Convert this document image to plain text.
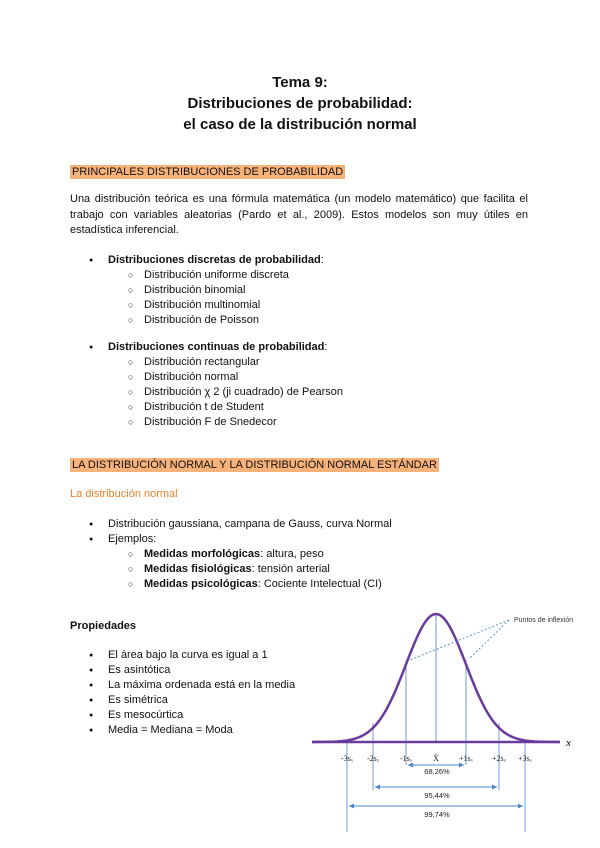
Tema 9:
Distribuciones de probabilidad:
el caso de la distribución normal
PRINCIPALES DISTRIBUCIONES DE PROBABILIDAD
Una distribución teórica es una fórmula matemática (un modelo matemático) que facilita el trabajo con variables aleatorias (Pardo et al., 2009). Estos modelos son muy útiles en estadística inferencial.
● Distribuciones discretas de probabilidad:
○ Distribución uniforme discreta
○ Distribución binomial
○ Distribución multinomial
○ Distribución de Poisson
● Distribuciones continuas de probabilidad:
○ Distribución rectangular
○ Distribución normal
○ Distribución χ 2 (ji cuadrado) de Pearson
○ Distribución t de Student
○ Distribución F de Snedecor
LA DISTRIBUCIÓN NORMAL Y LA DISTRIBUCIÓN NORMAL ESTÁNDAR
La distribución normal
● Distribución gaussiana, campana de Gauss, curva Normal
● Ejemplos:
○ Medidas morfológicas: altura, peso
○ Medidas fisiológicas: tensión arterial
○ Medidas psicológicas: Cociente Intelectual (CI)
Propiedades
● El área bajo la curva es igual a 1
● Es asintótica
● La máxima ordenada está en la media
● Es simétrica
● Es mesocúrtica
● Media = Mediana = Moda
x
Puntos de inflexión
-3sₓ -2sₓ	-1sₓ	X̄	+1sₓ +2sₓ +3sₓ
68,26%
95,44%
99,74%
